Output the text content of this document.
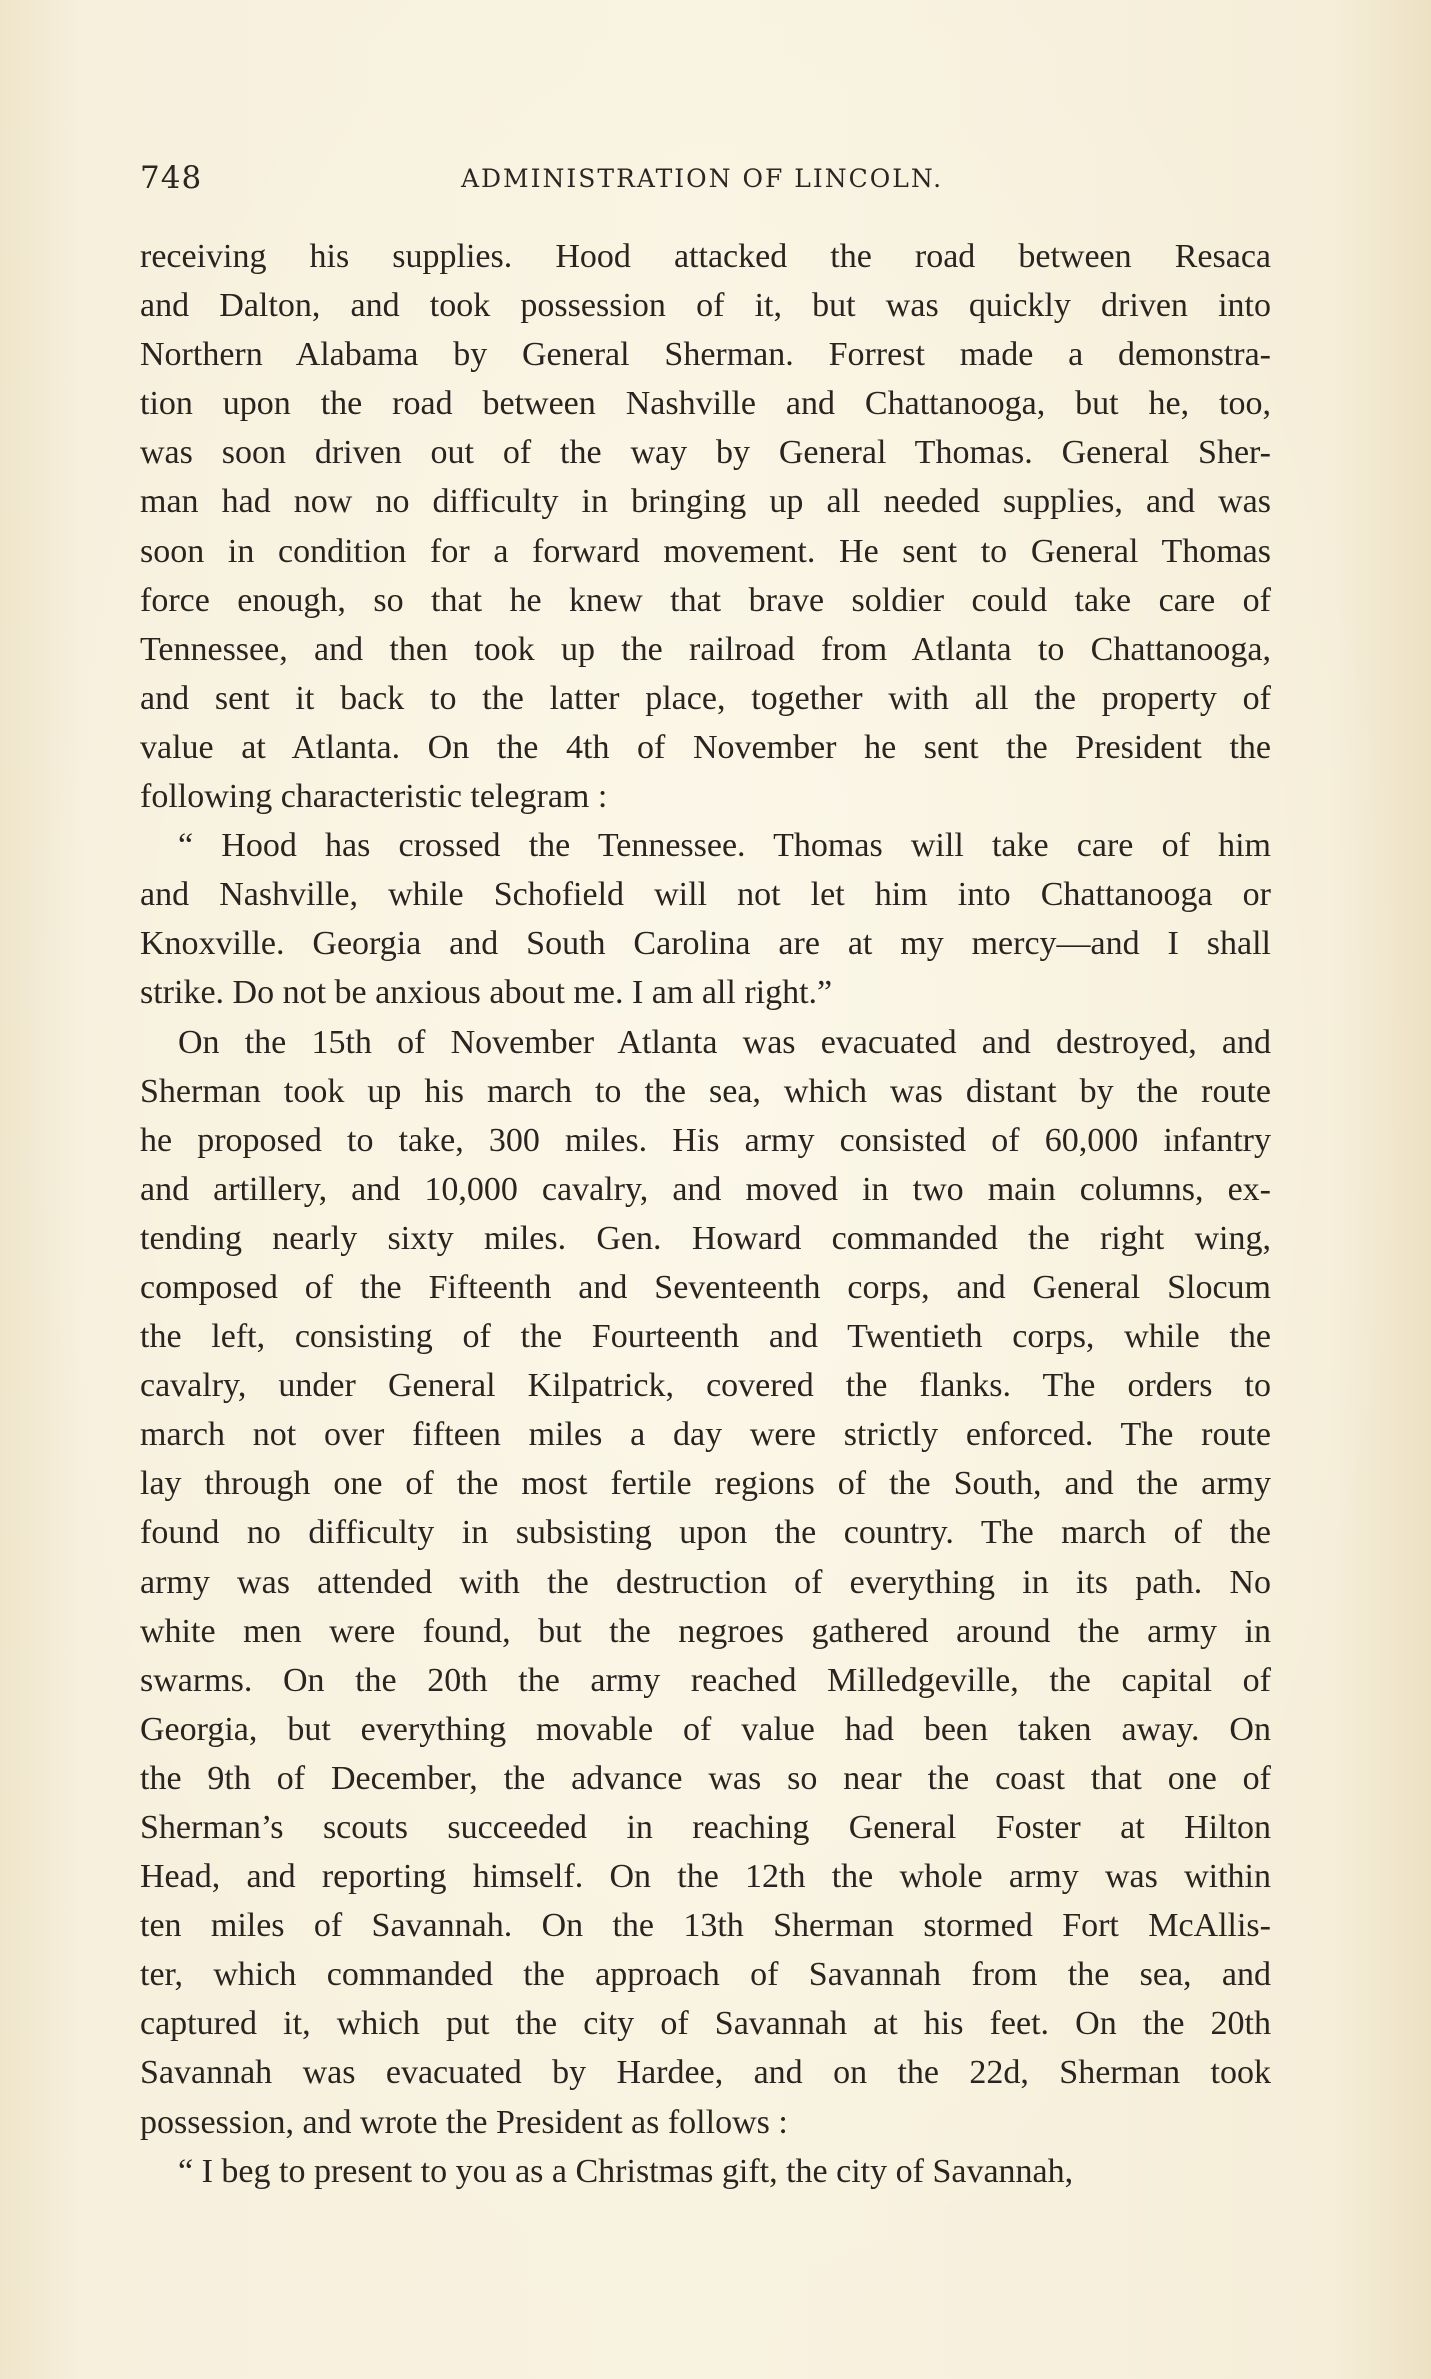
748	ADMINISTRATION OF LINCOLN.
receiving his supplies. Hood attacked the road between Resaca
and Dalton, and took possession of it, but was quickly driven into
Northern Alabama by General Sherman. Forrest made a demonstra-
tion upon the road between Nashville and Chattanooga, but he, too,
was soon driven out of the way by General Thomas. General Sher-
man had now no difficulty in bringing up all needed supplies, and was
soon in condition for a forward movement. He sent to General Thomas
force enough, so that he knew that brave soldier could take care of
Tennessee, and then took up the railroad from Atlanta to Chattanooga,
and sent it back to the latter place, together with all the property of
value at Atlanta. On the 4th of November he sent the President the
following characteristic telegram :
“ Hood has crossed the Tennessee. Thomas will take care of him
and Nashville, while Schofield will not let him into Chattanooga or
Knoxville. Georgia and South Carolina are at my mercy—and I shall
strike. Do not be anxious about me. I am all right.”
On the 15th of November Atlanta was evacuated and destroyed, and
Sherman took up his march to the sea, which was distant by the route
he proposed to take, 300 miles. His army consisted of 60,000 infantry
and artillery, and 10,000 cavalry, and moved in two main columns, ex-
tending nearly sixty miles. Gen. Howard commanded the right wing,
composed of the Fifteenth and Seventeenth corps, and General Slocum
the left, consisting of the Fourteenth and Twentieth corps, while the
cavalry, under General Kilpatrick, covered the flanks. The orders to
march not over fifteen miles a day were strictly enforced. The route
lay through one of the most fertile regions of the South, and the army
found no difficulty in subsisting upon the country. The march of the
army was attended with the destruction of everything in its path. No
white men were found, but the negroes gathered around the army in
swarms. On the 20th the army reached Milledgeville, the capital of
Georgia, but everything movable of value had been taken away. On
the 9th of December, the advance was so near the coast that one of
Sherman’s scouts succeeded in reaching General Foster at Hilton
Head, and reporting himself. On the 12th the whole army was within
ten miles of Savannah. On the 13th Sherman stormed Fort McAllis-
ter, which commanded the approach of Savannah from the sea, and
captured it, which put the city of Savannah at his feet. On the 20th
Savannah was evacuated by Hardee, and on the 22d, Sherman took
possession, and wrote the President as follows :
“ I beg to present to you as a Christmas gift, the city of Savannah,
